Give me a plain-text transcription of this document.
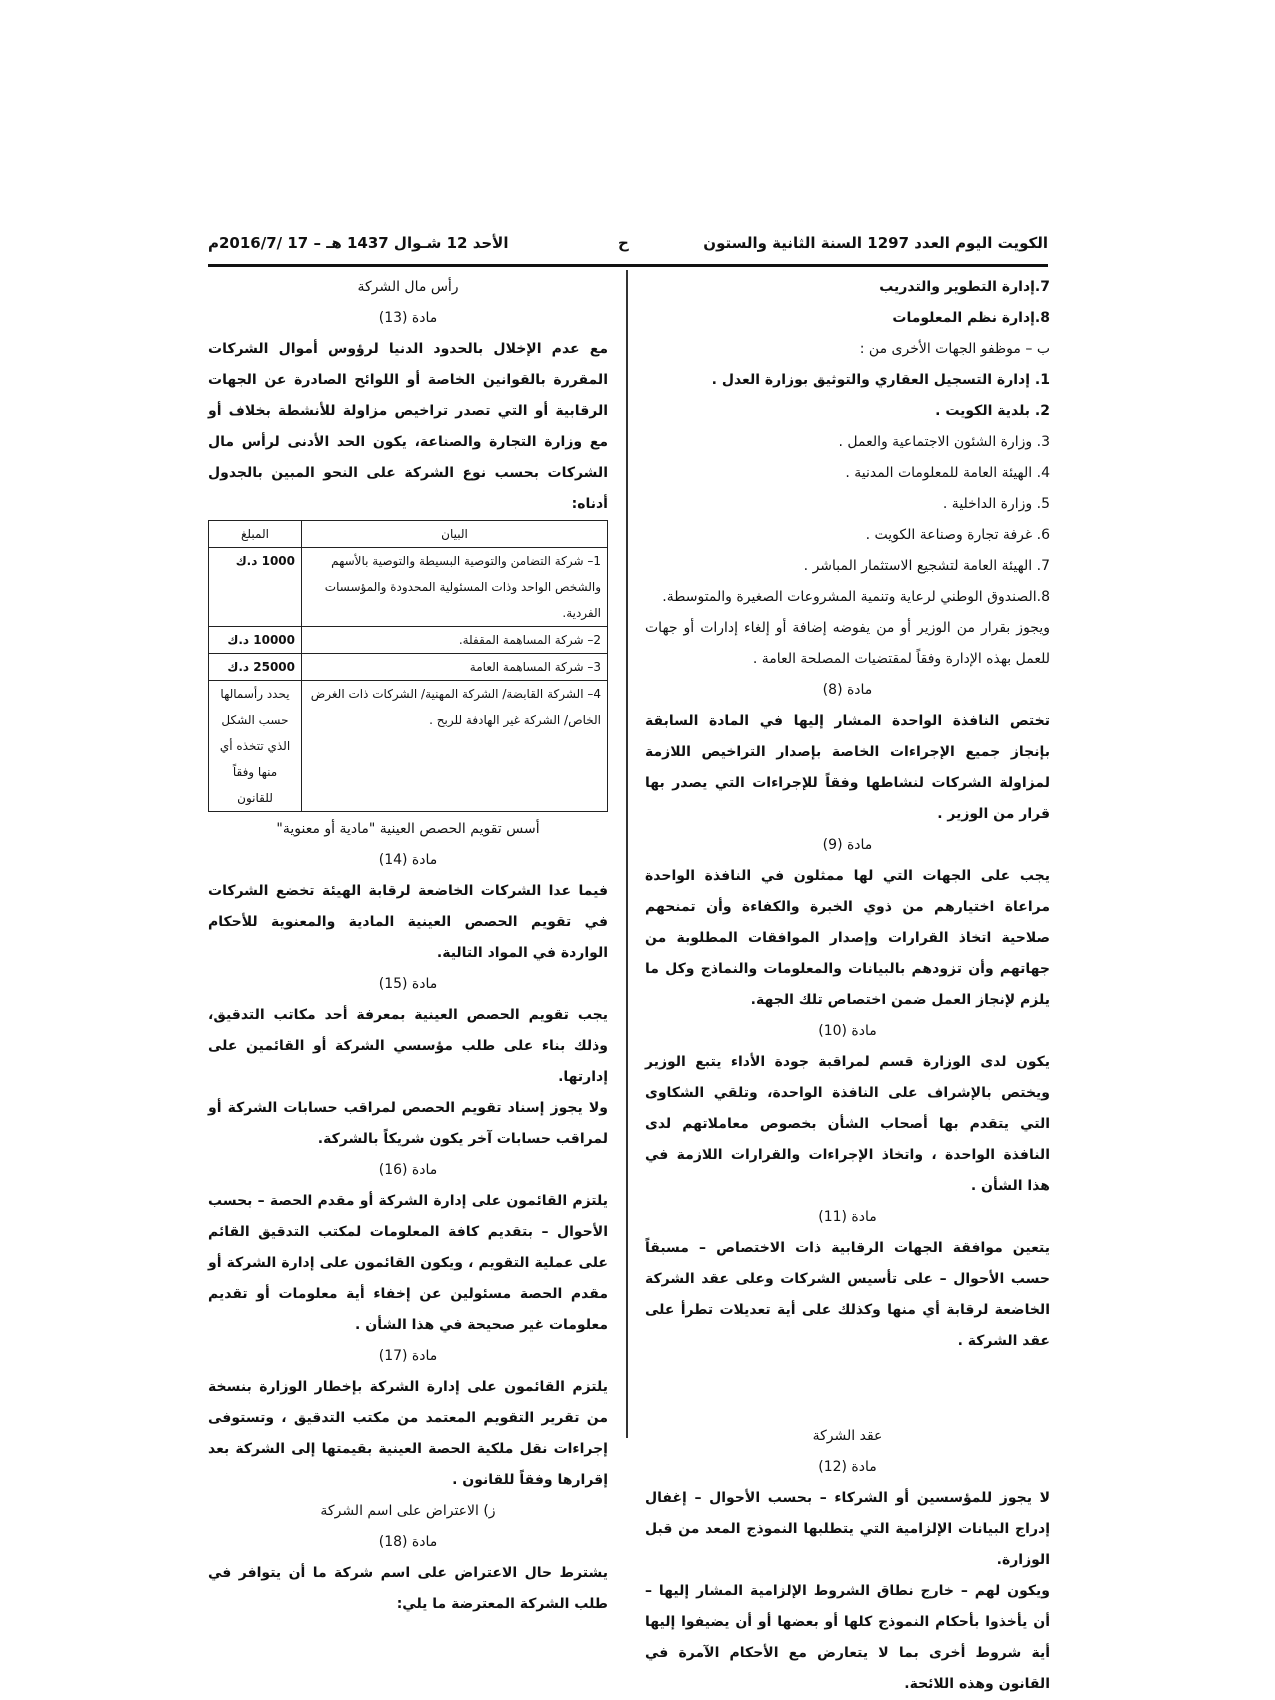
الكويت اليوم العدد 1297 السنة الثانية والستون
ح
الأحد 12 شـوال 1437 هـ – 17 /2016/7م

7.إدارة التطوير والتدريب

8.إدارة نظم المعلومات

ب – موظفو الجهات الأخرى من :

1. إدارة التسجيل العقاري والتوثيق بوزارة العدل .

2. بلدية الكويت .

3. وزارة الشئون الاجتماعية والعمل .

4. الهيئة العامة للمعلومات المدنية .

5. وزارة الداخلية .

6. غرفة تجارة وصناعة الكويت .

7. الهيئة العامة لتشجيع الاستثمار المباشر .

8.الصندوق الوطني لرعاية وتنمية المشروعات الصغيرة والمتوسطة.

ويجوز بقرار من الوزير أو من يفوضه إضافة أو إلغاء إدارات أو جهات للعمل بهذه الإدارة وفقاً لمقتضيات المصلحة العامة .

مادة (8)

تختص النافذة الواحدة المشار إليها في المادة السابقة بإنجاز جميع الإجراءات الخاصة بإصدار التراخيص اللازمة لمزاولة الشركات لنشاطها وفقاً للإجراءات التي يصدر بها قرار من الوزير .

مادة (9)

يجب على الجهات التي لها ممثلون في النافذة الواحدة مراعاة اختيارهم من ذوي الخبرة والكفاءة وأن تمنحهم صلاحية اتخاذ القرارات وإصدار الموافقات المطلوبة من جهاتهم وأن تزودهم بالبيانات والمعلومات والنماذج وكل ما يلزم لإنجاز العمل ضمن اختصاص تلك الجهة.

مادة (10)

يكون لدى الوزارة قسم لمراقبة جودة الأداء يتبع الوزير ويختص بالإشراف على النافذة الواحدة، وتلقي الشكاوى التي يتقدم بها أصحاب الشأن بخصوص معاملاتهم لدى النافذة الواحدة ، واتخاذ الإجراءات والقرارات اللازمة في هذا الشأن .

مادة (11)

يتعين موافقة الجهات الرقابية ذات الاختصاص – مسبقاً حسب الأحوال – على تأسيس الشركات وعلى عقد الشركة الخاضعة لرقابة أي منها وكذلك على أية تعديلات تطرأ على عقد الشركة .

عقد الشركة

مادة (12)

لا يجوز للمؤسسين أو الشركاء – بحسب الأحوال – إغفال إدراج البيانات الإلزامية التي يتطلبها النموذج المعد من قبل الوزارة.

ويكون لهم – خارج نطاق الشروط الإلزامية المشار إليها – أن يأخذوا بأحكام النموذج كلها أو بعضها أو أن يضيفوا إليها أية شروط أخرى بما لا يتعارض مع الأحكام الآمرة في القانون وهذه اللائحة.

رأس مال الشركة

مادة (13)

مع عدم الإخلال بالحدود الدنيا لرؤوس أموال الشركات المقررة بالقوانين الخاصة أو اللوائح الصادرة عن الجهات الرقابية أو التي تصدر تراخيص مزاولة للأنشطة بخلاف أو مع وزارة التجارة والصناعة، يكون الحد الأدنى لرأس مال الشركات بحسب نوع الشركة على النحو المبين بالجدول أدناه:

البيان	المبلغ
1– شركة التضامن والتوصية البسيطة والتوصية بالأسهم والشخص الواحد وذات المسئولية المحدودة والمؤسسات الفردية.	1000 د.ك
2– شركة المساهمة المقفلة.	10000 د.ك
3– شركة المساهمة العامة	25000 د.ك
4– الشركة القابضة/ الشركة المهنية/ الشركات ذات الغرض الخاص/ الشركة غير الهادفة للربح .	يحدد رأسمالها حسب الشكل الذي تتخذه أي منها وفقاً للقانون

أسس تقويم الحصص العينية "مادية أو معنوية"

مادة (14)

فيما عدا الشركات الخاضعة لرقابة الهيئة تخضع الشركات في تقويم الحصص العينية المادية والمعنوية للأحكام الواردة في المواد التالية.

مادة (15)

يجب تقويم الحصص العينية بمعرفة أحد مكاتب التدقيق، وذلك بناء على طلب مؤسسي الشركة أو القائمين على إدارتها.

ولا يجوز إسناد تقويم الحصص لمراقب حسابات الشركة أو لمراقب حسابات آخر يكون شريكاً بالشركة.

مادة (16)

يلتزم القائمون على إدارة الشركة أو مقدم الحصة – بحسب الأحوال – بتقديم كافة المعلومات لمكتب التدقيق القائم على عملية التقويم ، ويكون القائمون على إدارة الشركة أو مقدم الحصة مسئولين عن إخفاء أية معلومات أو تقديم معلومات غير صحيحة في هذا الشأن .

مادة (17)

يلتزم القائمون على إدارة الشركة بإخطار الوزارة بنسخة من تقرير التقويم المعتمد من مكتب التدقيق ، وتستوفى إجراءات نقل ملكية الحصة العينية بقيمتها إلى الشركة بعد إقرارها وفقاً للقانون .

ز) الاعتراض على اسم الشركة

مادة (18)

يشترط حال الاعتراض على اسم شركة ما أن يتوافر في طلب الشركة المعترضة ما يلي:
